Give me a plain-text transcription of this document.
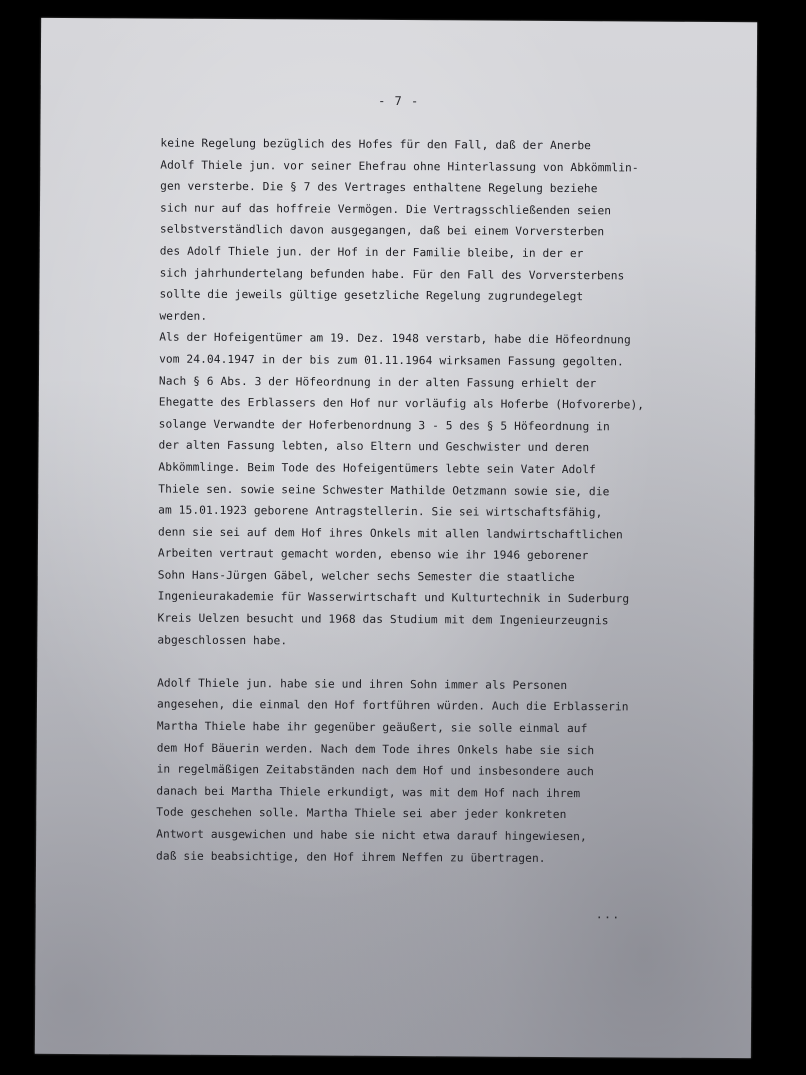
- 7 -
keine Regelung bezüglich des Hofes für den Fall, daß der Anerbe
Adolf Thiele jun. vor seiner Ehefrau ohne Hinterlassung von Abkömmlin-
gen versterbe. Die § 7 des Vertrages enthaltene Regelung beziehe
sich nur auf das hoffreie Vermögen. Die Vertragsschließenden seien
selbstverständlich davon ausgegangen, daß bei einem Vorversterben
des Adolf Thiele jun. der Hof in der Familie bleibe, in der er
sich jahrhundertelang befunden habe. Für den Fall des Vorversterbens
sollte die jeweils gültige gesetzliche Regelung zugrundegelegt
werden.
Als der Hofeigentümer am 19. Dez. 1948 verstarb, habe die Höfeordnung
vom 24.04.1947 in der bis zum 01.11.1964 wirksamen Fassung gegolten.
Nach § 6 Abs. 3 der Höfeordnung in der alten Fassung erhielt der
Ehegatte des Erblassers den Hof nur vorläufig als Hoferbe (Hofvorerbe),
solange Verwandte der Hoferbenordnung 3 - 5 des § 5 Höfeordnung in
der alten Fassung lebten, also Eltern und Geschwister und deren
Abkömmlinge. Beim Tode des Hofeigentümers lebte sein Vater Adolf
Thiele sen. sowie seine Schwester Mathilde Oetzmann sowie sie, die
am 15.01.1923 geborene Antragstellerin. Sie sei wirtschaftsfähig,
denn sie sei auf dem Hof ihres Onkels mit allen landwirtschaftlichen
Arbeiten vertraut gemacht worden, ebenso wie ihr 1946 geborener
Sohn Hans-Jürgen Gäbel, welcher sechs Semester die staatliche
Ingenieurakademie für Wasserwirtschaft und Kulturtechnik in Suderburg
Kreis Uelzen besucht und 1968 das Studium mit dem Ingenieurzeugnis
abgeschlossen habe.
Adolf Thiele jun. habe sie und ihren Sohn immer als Personen
angesehen, die einmal den Hof fortführen würden. Auch die Erblasserin
Martha Thiele habe ihr gegenüber geäußert, sie solle einmal auf
dem Hof Bäuerin werden. Nach dem Tode ihres Onkels habe sie sich
in regelmäßigen Zeitabständen nach dem Hof und insbesondere auch
danach bei Martha Thiele erkundigt, was mit dem Hof nach ihrem
Tode geschehen solle. Martha Thiele sei aber jeder konkreten
Antwort ausgewichen und habe sie nicht etwa darauf hingewiesen,
daß sie beabsichtige, den Hof ihrem Neffen zu übertragen.
...
